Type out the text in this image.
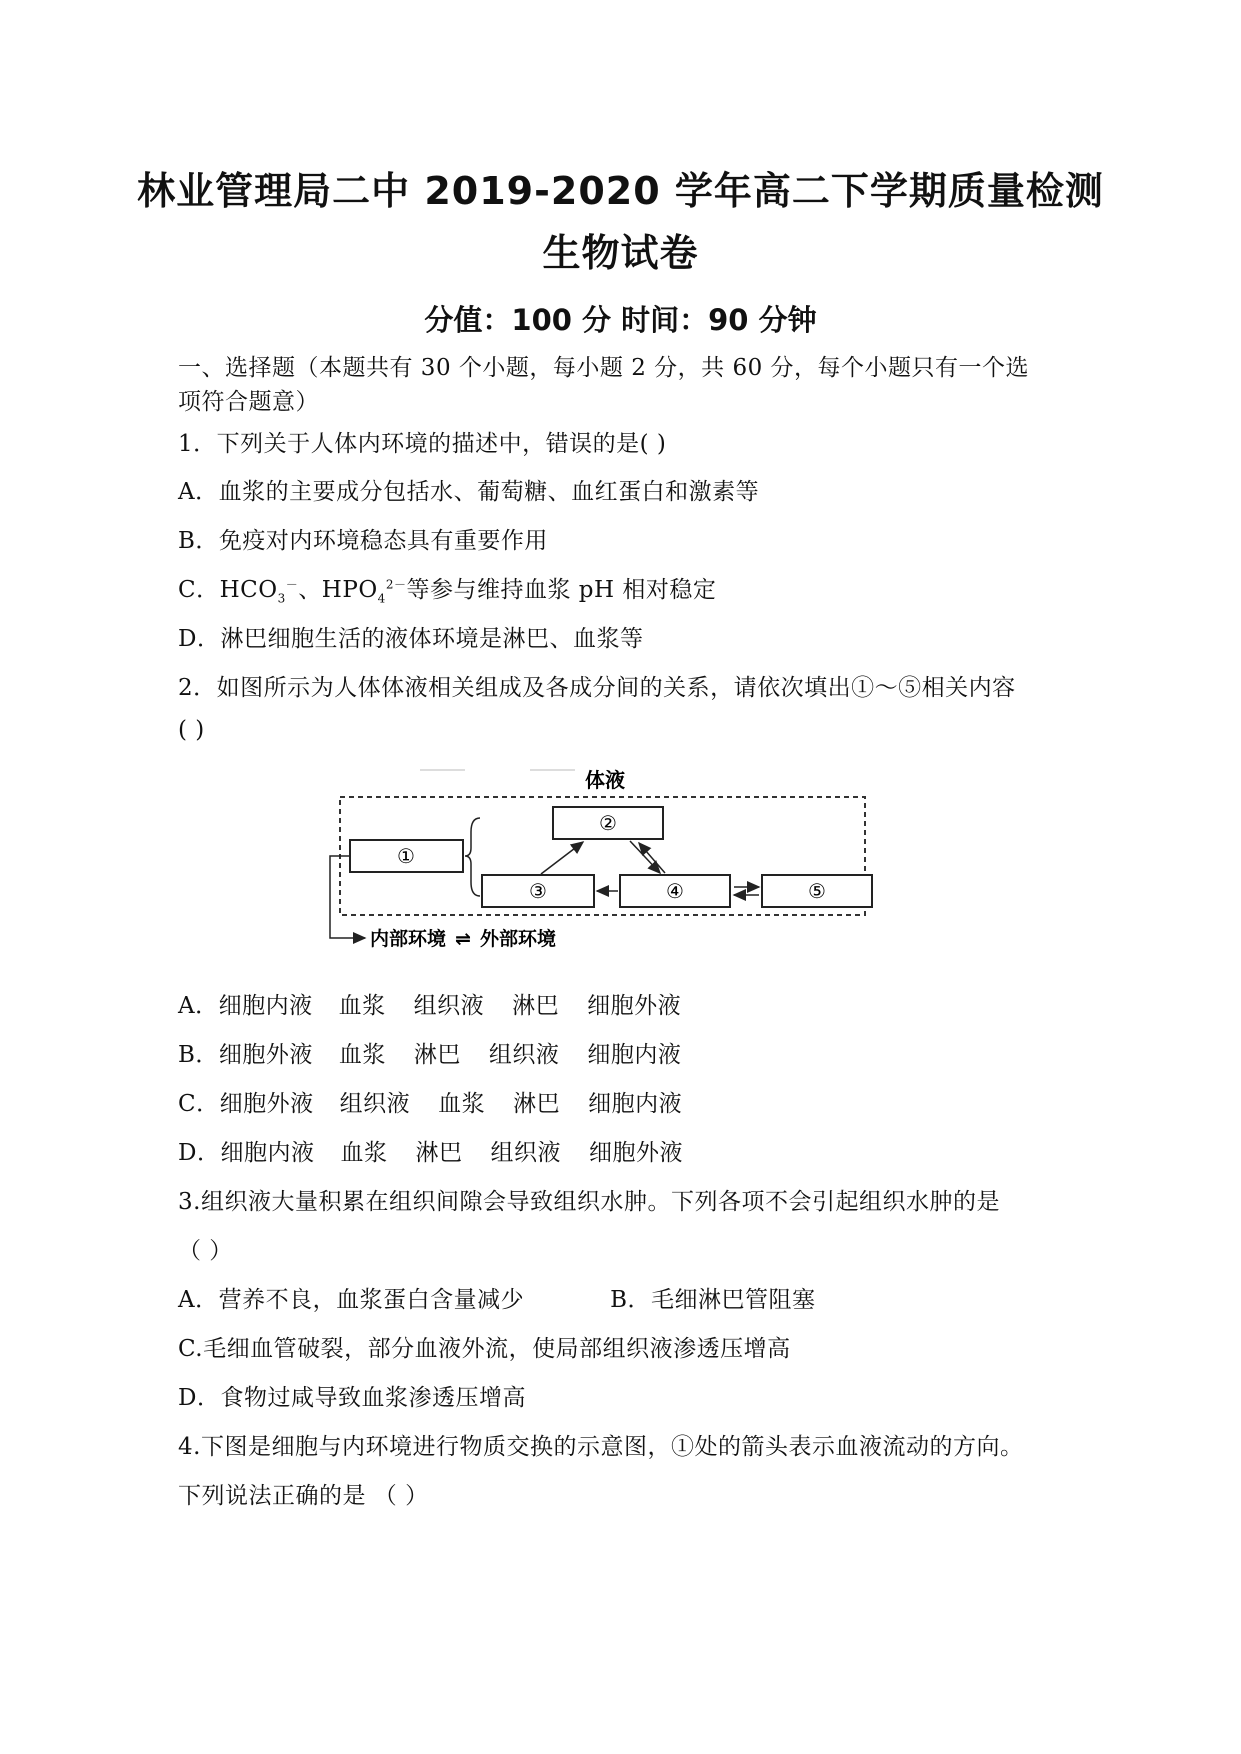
林业管理局二中 2019-2020 学年高二下学期质量检测
生物试卷
分值：100 分 时间：90 分钟
一、选择题（本题共有 30 个小题，每小题 2 分，共 60 分，每个小题只有一个选
项符合题意）
1．下列关于人体内环境的描述中，错误的是( )
A．血浆的主要成分包括水、葡萄糖、血红蛋白和激素等
B．免疫对内环境稳态具有重要作用
C．$HCO_3^-$、$HPO_4^{2-}$等参与维持血浆 pH 相对稳定
D．淋巴细胞生活的液体环境是淋巴、血浆等
2．如图所示为人体体液相关组成及各成分间的关系，请依次填出①～⑤相关内容
( )
体液
①
②
③	④	⑤
内部环境 ⇌ 外部环境
A．细胞内液 血浆 组织液 淋巴 细胞外液
B．细胞外液 血浆 淋巴 组织液 细胞内液
C．细胞外液 组织液 血浆 淋巴 细胞内液
D．细胞内液 血浆 淋巴 组织液 细胞外液
3.组织液大量积累在组织间隙会导致组织水肿。下列各项不会引起组织水肿的是
（ ）
A．营养不良，血浆蛋白含量减少	B．毛细淋巴管阻塞
C.毛细血管破裂，部分血液外流，使局部组织液渗透压增高
D．食物过咸导致血浆渗透压增高
4.下图是细胞与内环境进行物质交换的示意图，①处的箭头表示血液流动的方向。
下列说法正确的是 （ ）
